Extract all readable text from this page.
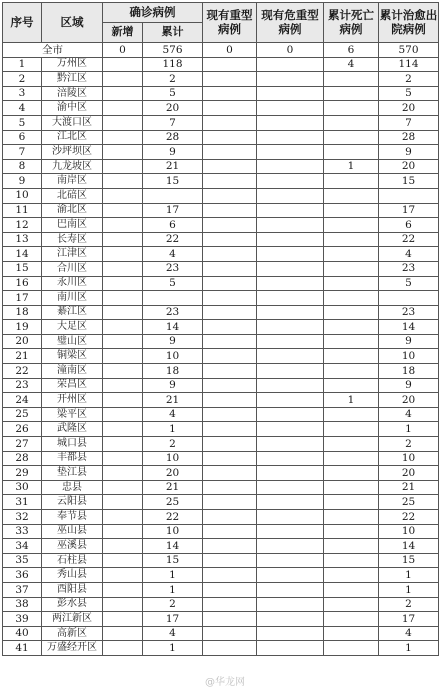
序号	区域	确诊病例		现有重型病例	现有危重型病例	累计死亡病例	累计治愈出院病例
		新增	累计				
全市		0	576	0	0	6	570
1	万州区		118			4	114
2	黔江区		2				2
3	涪陵区		5				5
4	渝中区		20				20
5	大渡口区		7				7
6	江北区		28				28
7	沙坪坝区		9				9
8	九龙坡区		21			1	20
9	南岸区		15				15
10	北碚区						
11	渝北区		17				17
12	巴南区		6				6
13	长寿区		22				22
14	江津区		4				4
15	合川区		23				23
16	永川区		5				5
17	南川区						
18	綦江区		23				23
19	大足区		14				14
20	璧山区		9				9
21	铜梁区		10				10
22	潼南区		18				18
23	荣昌区		9				9
24	开州区		21			1	20
25	梁平区		4				4
26	武隆区		1				1
27	城口县		2				2
28	丰都县		10				10
29	垫江县		20				20
30	忠县		21				21
31	云阳县		25				25
32	奉节县		22				22
33	巫山县		10				10
34	巫溪县		14				14
35	石柱县		15				15
36	秀山县		1				1
37	酉阳县		1				1
38	彭水县		2				2
39	两江新区		17				17
40	高新区		4				4
41	万盛经开区		1				1
@华龙网
